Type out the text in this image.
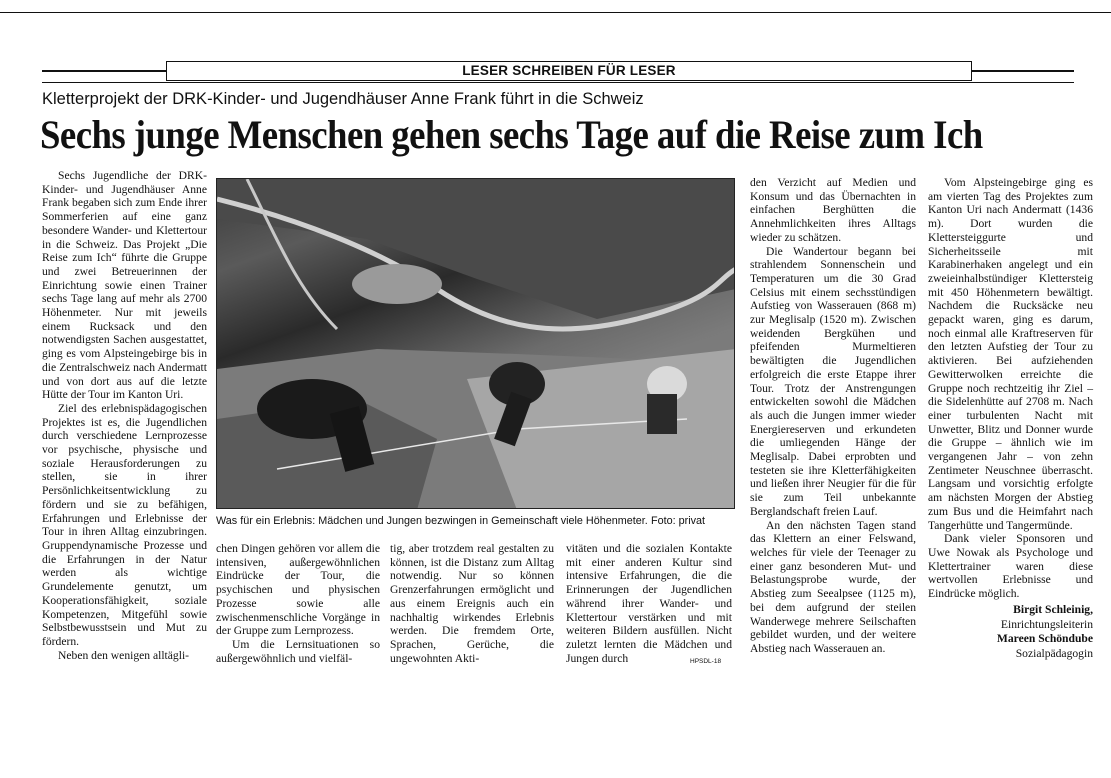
LESER SCHREIBEN FÜR LESER
Kletterprojekt der DRK-Kinder- und Jugendhäuser Anne Frank führt in die Schweiz
Sechs junge Menschen gehen sechs Tage auf die Reise zum Ich

Sechs Jugendliche der DRK-Kinder- und Jugendhäuser Anne Frank begaben sich zum Ende ihrer Sommerferien auf eine ganz besondere Wander- und Klettertour in die Schweiz. Das Projekt „Die Reise zum Ich“ führte die Gruppe und zwei Betreuerinnen der Einrichtung sowie einen Trainer sechs Tage lang auf mehr als 2700 Höhenmeter. Nur mit jeweils einem Rucksack und den notwendigsten Sachen ausgestattet, ging es vom Alpsteingebirge bis in die Zentralschweiz nach Andermatt und von dort aus auf die letzte Hütte der Tour im Kanton Uri.

Ziel des erlebnispädagogischen Projektes ist es, die Jugendlichen durch verschiedene Lernprozesse vor psychische, physische und soziale Herausforderungen zu stellen, sie in ihrer Persönlichkeitsentwicklung zu fördern und sie zu befähigen, Erfahrungen und Erlebnisse der Tour in ihren Alltag einzubringen. Gruppendynamische Prozesse und die Erfahrungen in der Natur werden als wichtige Grundelemente genutzt, um Kooperationsfähigkeit, soziale Kompetenzen, Mitgefühl sowie Selbstbewusstsein und Mut zu fördern.

Neben den wenigen alltägli-

Was für ein Erlebnis: Mädchen und Jungen bezwingen in Gemeinschaft viele Höhenmeter. Foto: privat

chen Dingen gehören vor allem die intensiven, außergewöhnlichen Eindrücke der Tour, die psychischen und physischen Prozesse sowie alle zwischenmenschliche Vorgänge in der Gruppe zum Lernprozess.

Um die Lernsituationen so außergewöhnlich und vielfäl-

tig, aber trotzdem real gestalten zu können, ist die Distanz zum Alltag notwendig. Nur so können Grenzerfahrungen ermöglicht und aus einem Ereignis auch ein nachhaltig wirkendes Erlebnis werden. Die fremdem Orte, Sprachen, Gerüche, die ungewohnten Akti-

vitäten und die sozialen Kontakte mit einer anderen Kultur sind intensive Erfahrungen, die die Erinnerungen der Jugendlichen während ihrer Wander- und Klettertour verstärken und mit weiteren Bildern ausfüllen. Nicht zuletzt lernten die Mädchen und Jungen durch	HPSDL-18

den Verzicht auf Medien und Konsum und das Übernachten in einfachen Berghütten die Annehmlichkeiten ihres Alltags wieder zu schätzen.

Die Wandertour begann bei strahlendem Sonnenschein und Temperaturen um die 30 Grad Celsius mit einem sechsstündigen Aufstieg von Wasserauen (868 m) zur Meglisalp (1520 m). Zwischen weidenden Bergkühen und pfeifenden Murmeltieren bewältigten die Jugendlichen erfolgreich die erste Etappe ihrer Tour. Trotz der Anstrengungen entwickelten sowohl die Mädchen als auch die Jungen immer wieder Energiereserven und erkundeten die umliegenden Hänge der Meglisalp. Dabei erprobten und testeten sie ihre Kletterfähigkeiten und ließen ihrer Neugier für die für sie zum Teil unbekannte Berglandschaft freien Lauf.

An den nächsten Tagen stand das Klettern an einer Felswand, welches für viele der Teenager zu einer ganz besonderen Mut- und Belastungsprobe wurde, der Abstieg zum Seealpsee (1125 m), bei dem aufgrund der steilen Wanderwege mehrere Seilschaften gebildet wurden, und der weitere Abstieg nach Wasserauen an.

Vom Alpsteingebirge ging es am vierten Tag des Projektes zum Kanton Uri nach Andermatt (1436 m). Dort wurden die Klettersteiggurte und Sicherheitsseile mit Karabinerhaken angelegt und ein zweieinhalbstündiger Klettersteig mit 450 Höhenmetern bewältigt. Nachdem die Rucksäcke neu gepackt waren, ging es darum, noch einmal alle Kraftreserven für den letzten Aufstieg der Tour zu aktivieren. Bei aufziehenden Gewitterwolken erreichte die Gruppe noch rechtzeitig ihr Ziel – die Sidelenhütte auf 2708 m. Nach einer turbulenten Nacht mit Unwetter, Blitz und Donner wurde die Gruppe – ähnlich wie im vergangenen Jahr – von zehn Zentimeter Neuschnee überrascht. Langsam und vorsichtig erfolgte am nächsten Morgen der Abstieg zum Bus und die Heimfahrt nach Tangerhütte und Tangermünde.

Dank vieler Sponsoren und Uwe Nowak als Psychologe und Klettertrainer waren diese wertvollen Erlebnisse und Eindrücke möglich.

Birgit Schleinig,
Einrichtungsleiterin
Mareen Schöndube
Sozialpädagogin
